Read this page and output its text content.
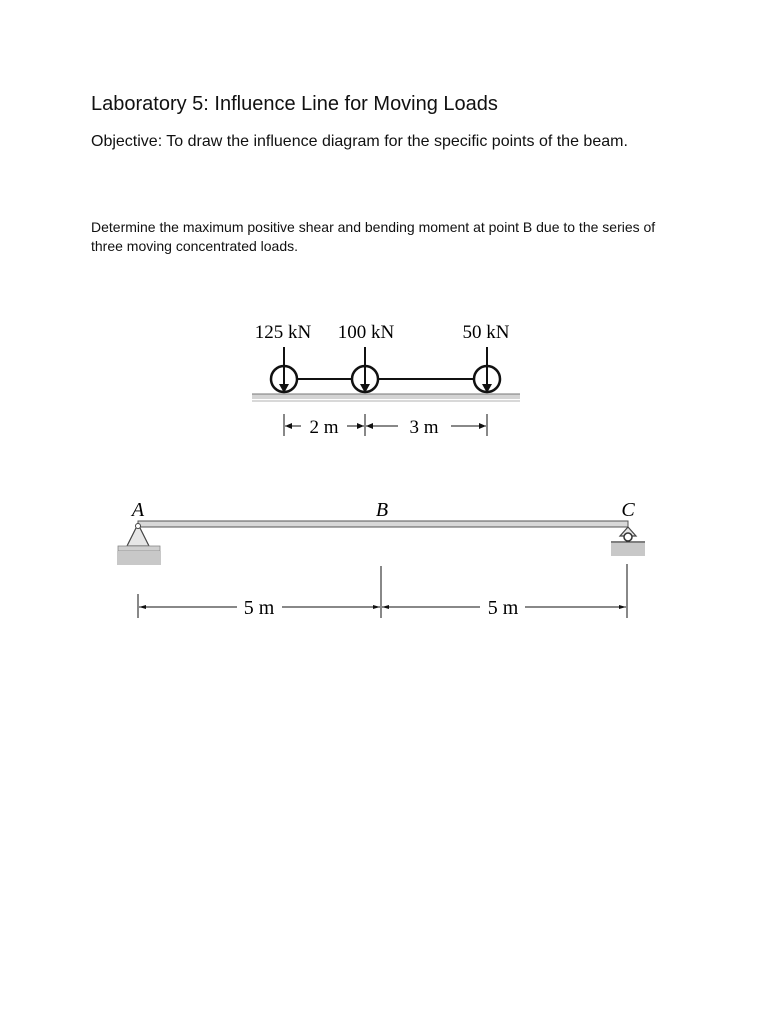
Laboratory 5: Influence Line for Moving Loads

Objective: To draw the influence diagram for the specific points of the beam.

Determine the maximum positive shear and bending moment at point B due to the series of three moving concentrated loads.

125 kN 100 kN	50 kN
2 m	3 m
A	B	C
5 m	5 m
